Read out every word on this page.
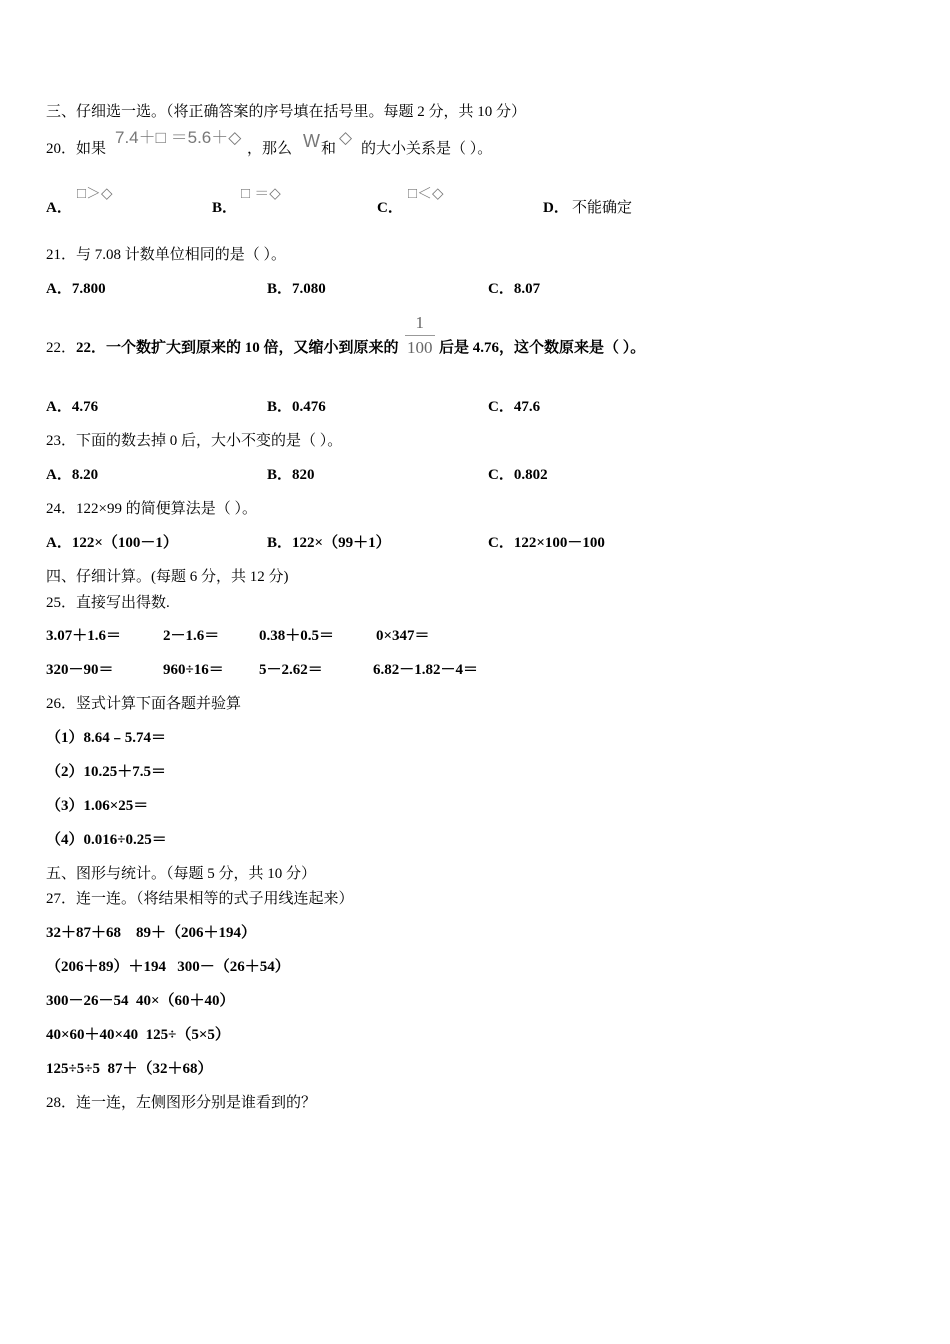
三、仔细选一选。（将正确答案的序号填在括号里。每题 2 分，共 10 分）
20．如果
7.4＋□ ＝5.6＋◇
，那么 W 和
◇
的大小关系是（ ）。
A．
□＞◇
B．
□ ＝◇
C．
□＜◇
D． 不能确定
21．与 7.08 计数单位相同的是（ ）。
A．7.800	B．7.080	C．8.07
22．22．一个数扩大到原来的 10 倍，又缩小到原来的
1
100 后是 4.76，这个数原来是（ ）。
A．4.76	B．0.476	C．47.6
23．下面的数去掉 0 后，大小不变的是（ ）。
A．8.20	B．820	C．0.802
24．122×99 的简便算法是（ ）。
A．122×（100－1）	B．122×（99＋1）	C．122×100－100
四、仔细计算。(每题 6 分，共 12 分)
25．直接写出得数.
3.07＋1.6＝	2－1.6＝	0.38＋0.5＝	0×347＝
320－90＝	960÷16＝ 5－2.62＝	6.82－1.82－4＝
26．竖式计算下面各题并验算
（1）8.64﹣5.74＝
（2）10.25＋7.5＝
（3）1.06×25＝
（4）0.016÷0.25＝
五、图形与统计。（每题 5 分，共 10 分）
27．连一连。（将结果相等的式子用线连起来）
32＋87＋68    89＋（206＋194）
（206＋89）＋194   300－（26＋54）
300－26－54  40×（60＋40）
40×60＋40×40  125÷（5×5）
125÷5÷5  87＋（32＋68）
28．连一连，左侧图形分别是谁看到的？
